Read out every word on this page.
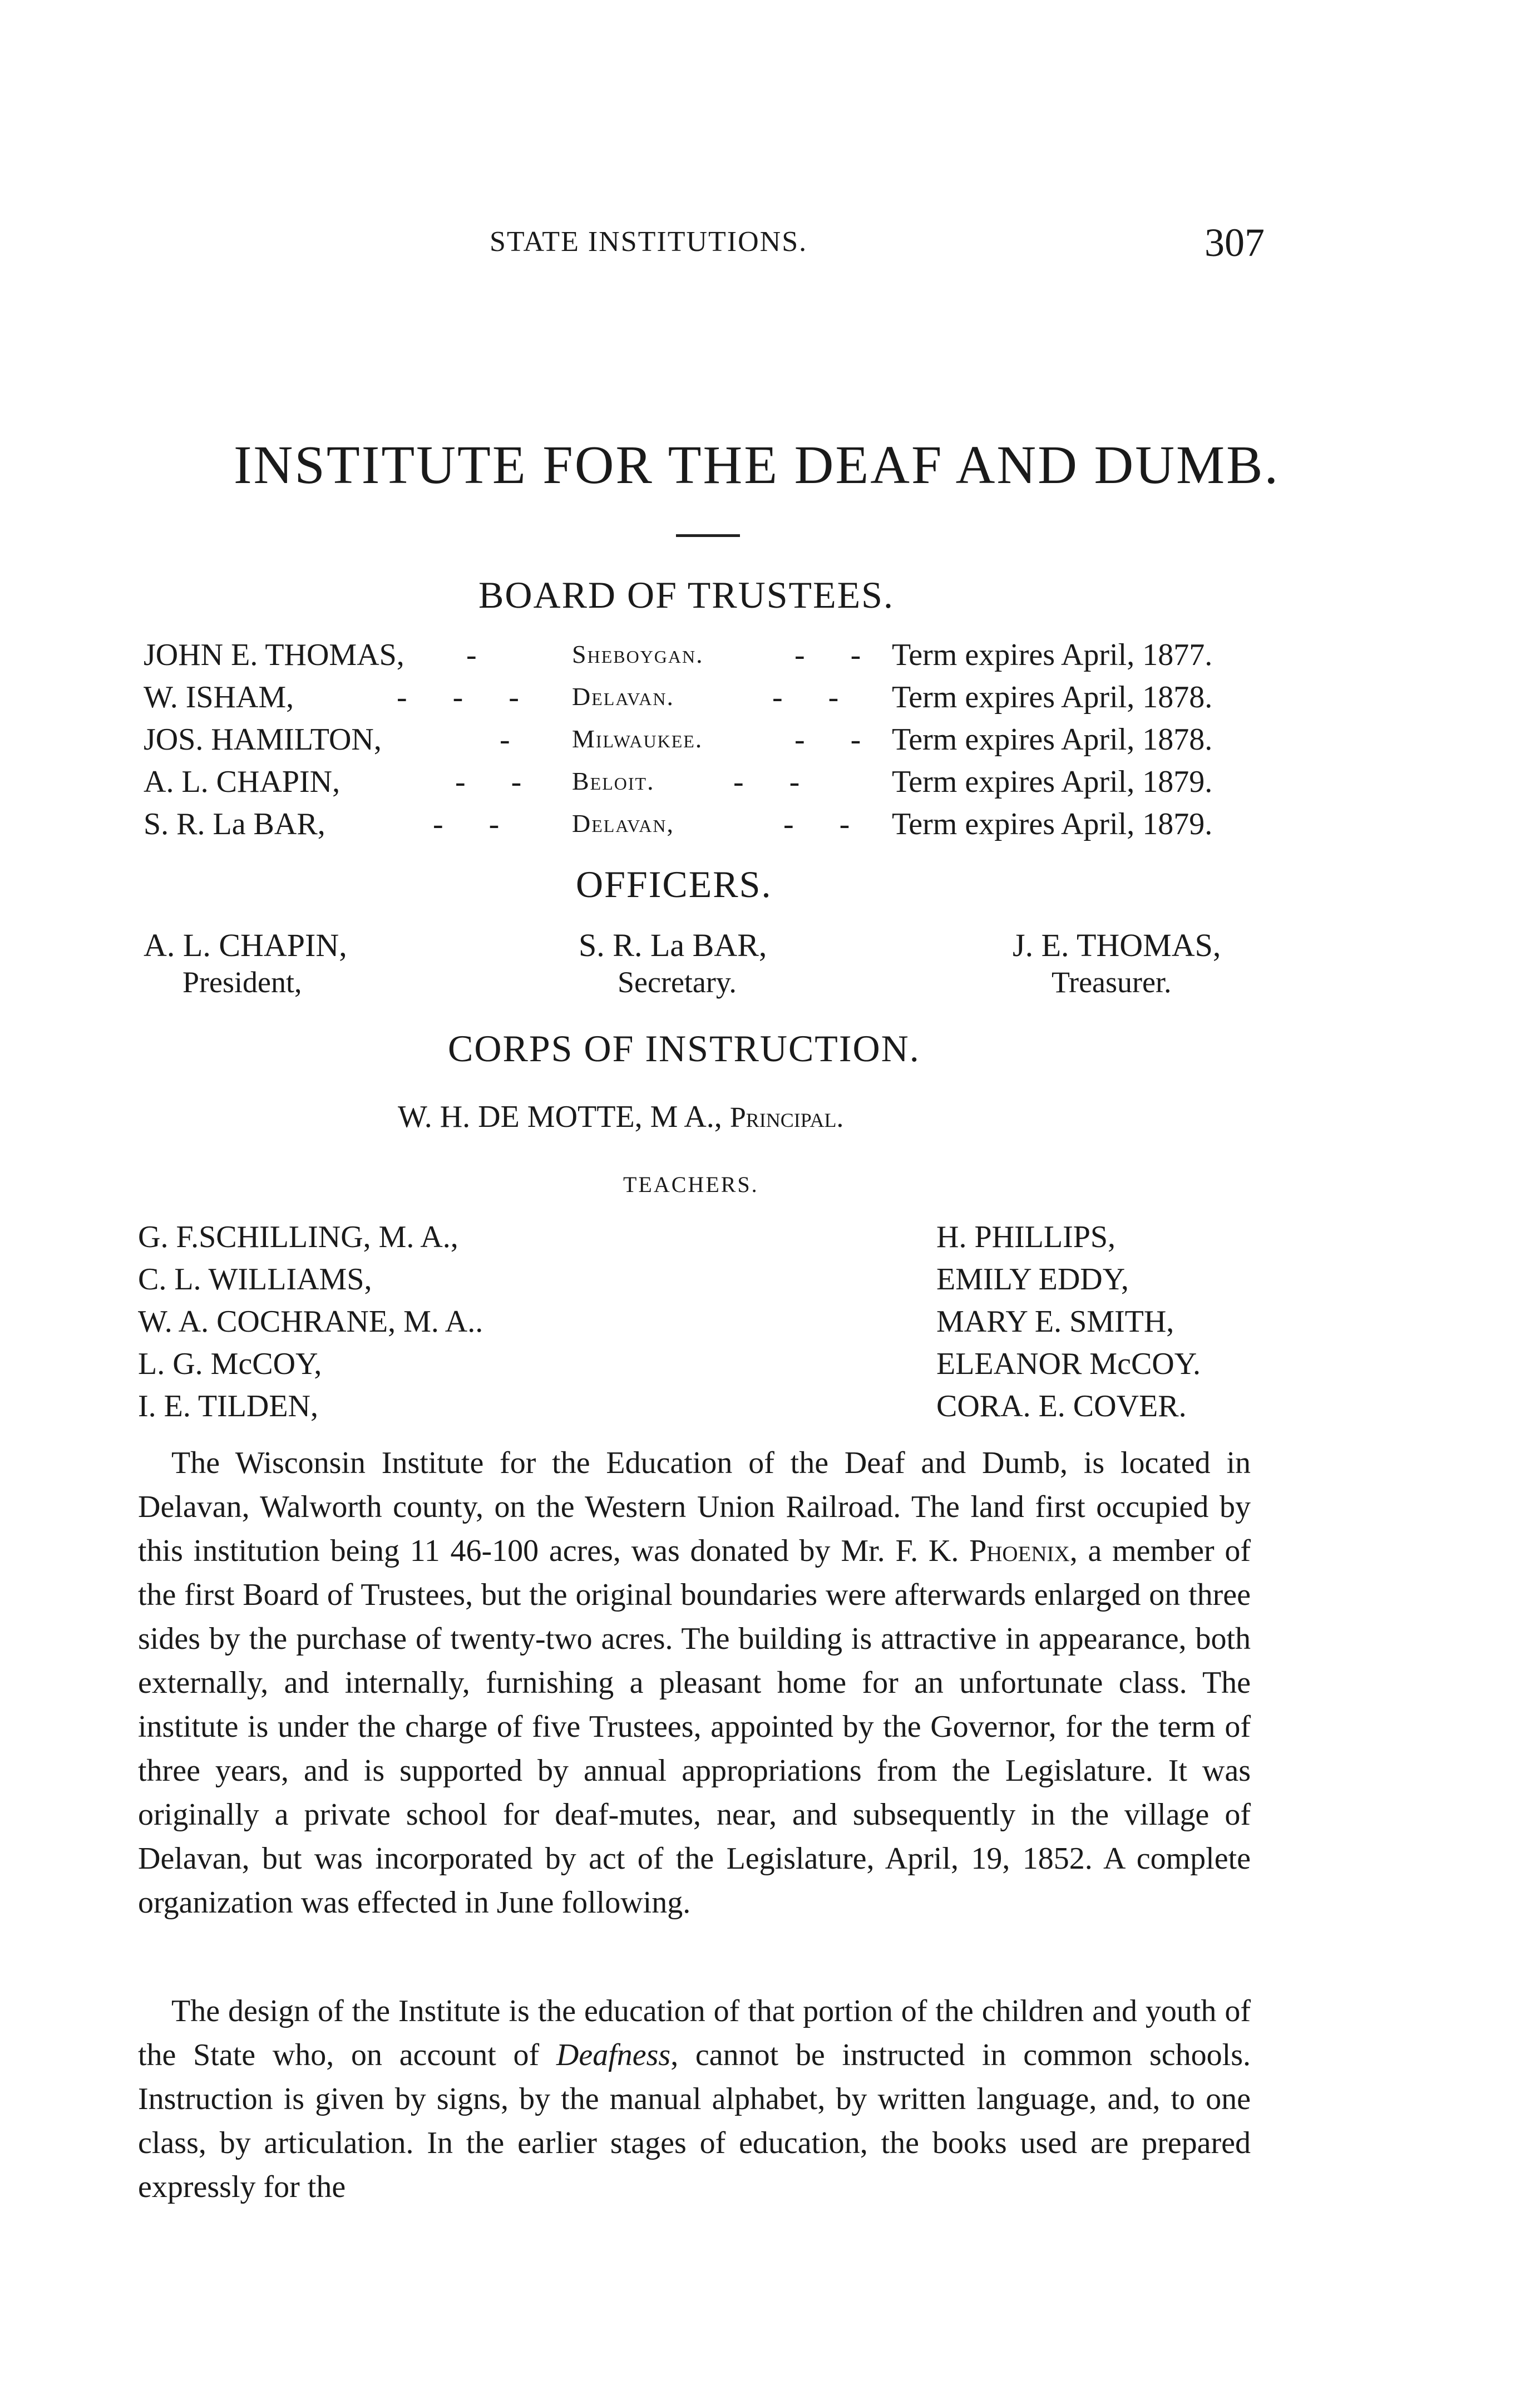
STATE INSTITUTIONS.	307
INSTITUTE FOR THE DEAF AND DUMB.
BOARD OF TRUSTEES.
JOHN E. THOMAS, -	Sheboygan.	- - Term expires April, 1877.
W. ISHAM,	- - - Delavan.	- - Term expires April, 1878.
JOS. HAMILTON,	- Milwaukee.	- - Term expires April, 1878.
A. L. CHAPIN,	- - Beloit.	- - Term expires April, 1879.
S. R. La BAR,	- - Delavan,	- - Term expires April, 1879.
OFFICERS.
A. L. CHAPIN,
President,
S. R. La BAR,
Secretary.
J. E. THOMAS,
Treasurer.
CORPS OF INSTRUCTION.
W. H. DE MOTTE, M A., Principal.
TEACHERS.
G. F.SCHILLING, M. A.,
C. L. WILLIAMS,
W. A. COCHRANE, M. A..
L. G. McCOY,
I. E. TILDEN,
H. PHILLIPS,
EMILY EDDY,
MARY E. SMITH,
ELEANOR McCOY.
CORA. E. COVER.

The Wisconsin Institute for the Education of the Deaf and Dumb, is located in Delavan, Walworth county, on the Western Union Railroad. The land first occupied by this institution being 11 46-100 acres, was donated by Mr. F. K. Phoenix, a member of the first Board of Trustees, but the original boundaries were afterwards enlarged on three sides by the purchase of twenty-two acres. The building is attractive in appearance, both externally, and internally, furnishing a pleasant home for an unfortunate class. The institute is under the charge of five Trustees, appointed by the Governor, for the term of three years, and is supported by annual appropriations from the Legislature. It was originally a private school for deaf-mutes, near, and subsequently in the village of Delavan, but was incorporated by act of the Legislature, April, 19, 1852. A complete organization was effected in June following.

The design of the Institute is the education of that portion of the children and youth of the State who, on account of Deafness, cannot be instructed in common schools. Instruction is given by signs, by the manual alphabet, by written language, and, to one class, by articulation. In the earlier stages of education, the books used are prepared expressly for the
